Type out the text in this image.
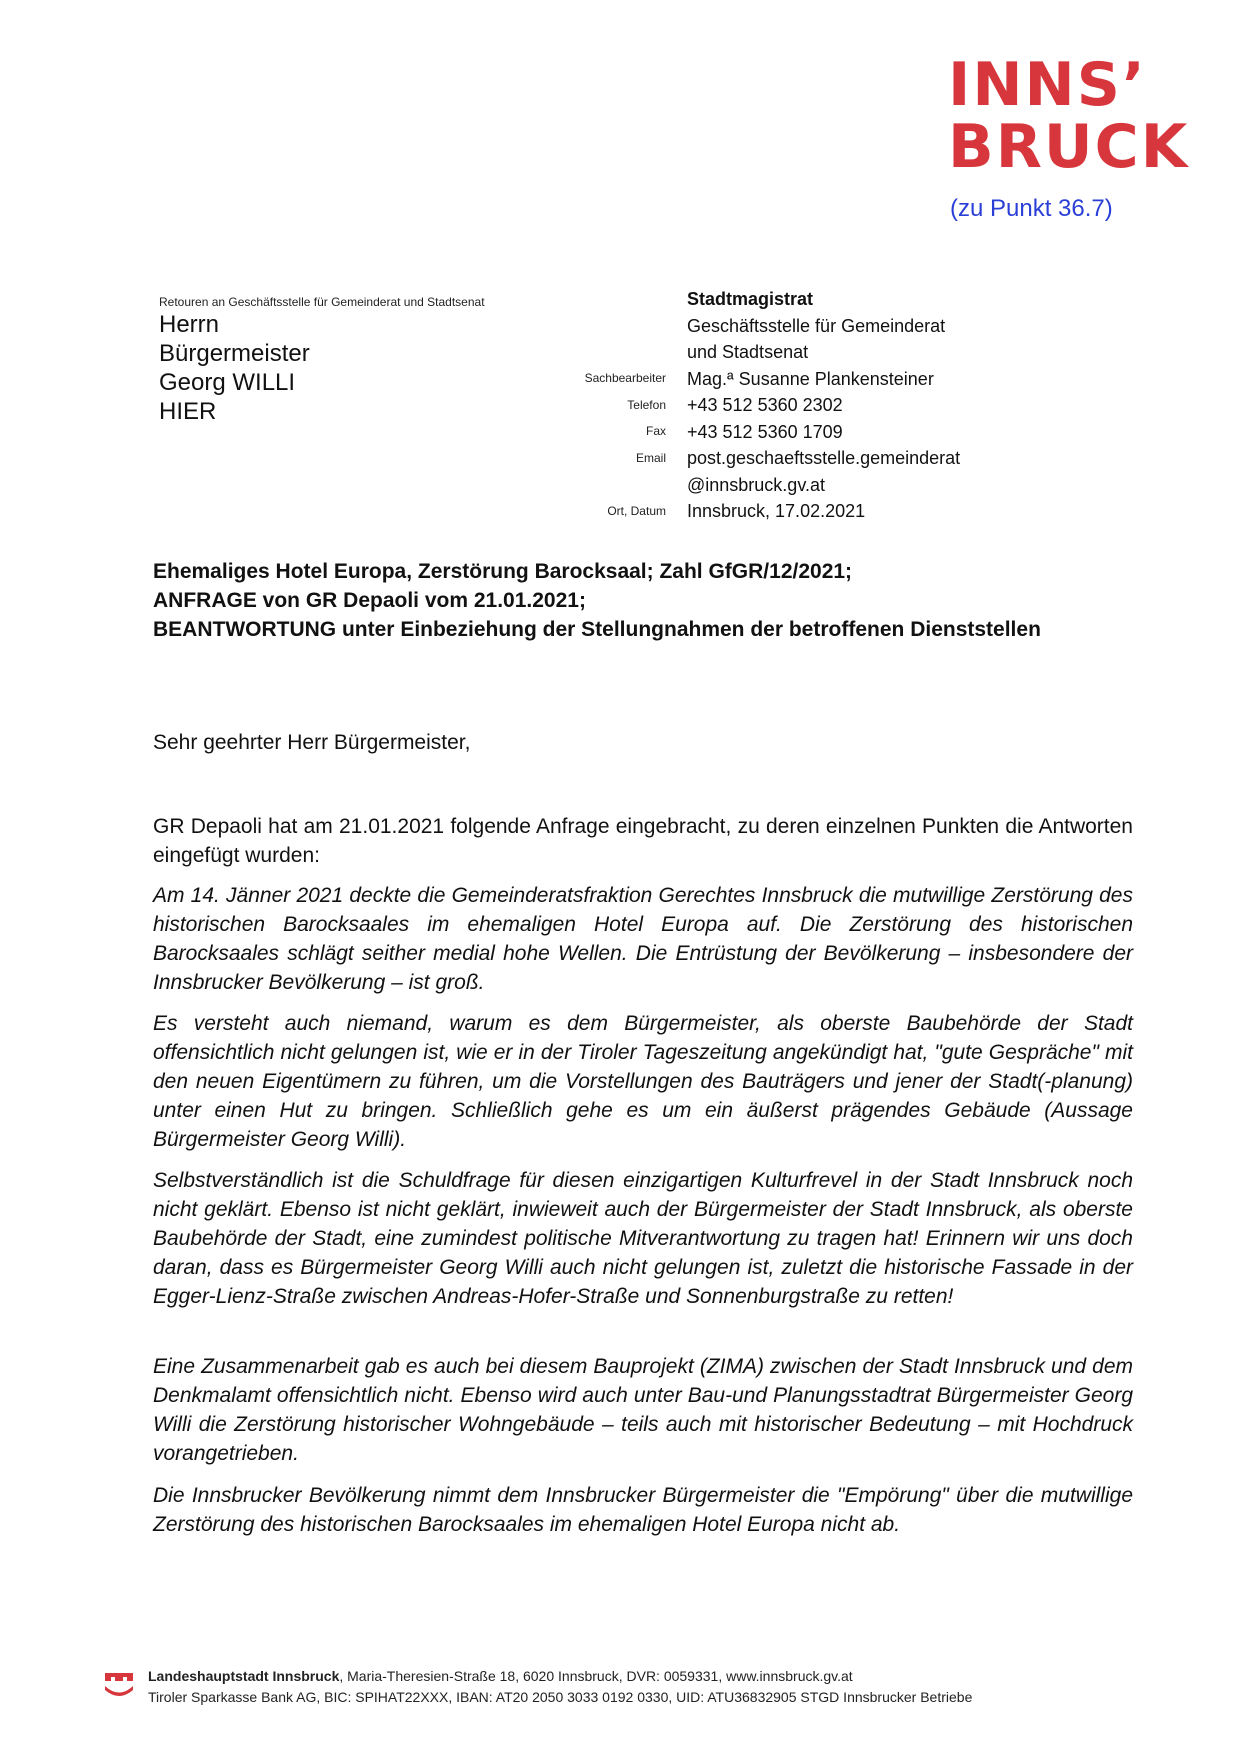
INNS’
BRUCK
(zu Punkt 36.7)
Retouren an Geschäftsstelle für Gemeinderat und Stadtsenat
Herrn
Bürgermeister
Georg WILLI
HIER
Sachbearbeiter
Telefon
Fax
Email
Ort, Datum
Stadtmagistrat
Geschäftsstelle für Gemeinderat
und Stadtsenat
Mag.ª Susanne Plankensteiner
+43 512 5360 2302
+43 512 5360 1709
post.geschaeftsstelle.gemeinderat
@innsbruck.gv.at
Innsbruck, 17.02.2021
Ehemaliges Hotel Europa, Zerstörung Barocksaal; Zahl GfGR/12/2021;
ANFRAGE von GR Depaoli vom 21.01.2021;
BEANTWORTUNG unter Einbeziehung der Stellungnahmen der betroffenen Dienststellen
Sehr geehrter Herr Bürgermeister,
GR Depaoli hat am 21.01.2021 folgende Anfrage eingebracht, zu deren einzelnen Punkten die Antworten eingefügt wurden:
Am 14. Jänner 2021 deckte die Gemeinderatsfraktion Gerechtes Innsbruck die mutwillige Zerstörung des historischen Barocksaales im ehemaligen Hotel Europa auf. Die Zerstörung des historischen Barocksaales schlägt seither medial hohe Wellen. Die Entrüstung der Bevölkerung – insbesondere der Innsbrucker Bevölkerung – ist groß.
Es versteht auch niemand, warum es dem Bürgermeister, als oberste Baubehörde der Stadt offensichtlich nicht gelungen ist, wie er in der Tiroler Tageszeitung angekündigt hat, "gute Gespräche" mit den neuen Eigentümern zu führen, um die Vorstellungen des Bauträgers und jener der Stadt(-planung) unter einen Hut zu bringen. Schließlich gehe es um ein äußerst prägendes Gebäude (Aussage Bürgermeister Georg Willi).
Selbstverständlich ist die Schuldfrage für diesen einzigartigen Kulturfrevel in der Stadt Innsbruck noch nicht geklärt. Ebenso ist nicht geklärt, inwieweit auch der Bürgermeister der Stadt Innsbruck, als oberste Baubehörde der Stadt, eine zumindest politische Mitverantwortung zu tragen hat! Erinnern wir uns doch daran, dass es Bürgermeister Georg Willi auch nicht gelungen ist, zuletzt die historische Fassade in der Egger-Lienz-Straße zwischen Andreas-Hofer-Straße und Sonnenburgstraße zu retten!
Eine Zusammenarbeit gab es auch bei diesem Bauprojekt (ZIMA) zwischen der Stadt Innsbruck und dem Denkmalamt offensichtlich nicht. Ebenso wird auch unter Bau-und Planungsstadtrat Bürgermeister Georg Willi die Zerstörung historischer Wohngebäude – teils auch mit historischer Bedeutung – mit Hochdruck vorangetrieben.
Die Innsbrucker Bevölkerung nimmt dem Innsbrucker Bürgermeister die "Empörung" über die mutwillige Zerstörung des historischen Barocksaales im ehemaligen Hotel Europa nicht ab.
Landeshauptstadt Innsbruck, Maria-Theresien-Straße 18, 6020 Innsbruck, DVR: 0059331, www.innsbruck.gv.at
Tiroler Sparkasse Bank AG, BIC: SPIHAT22XXX, IBAN: AT20 2050 3033 0192 0330, UID: ATU36832905 STGD Innsbrucker Betriebe
